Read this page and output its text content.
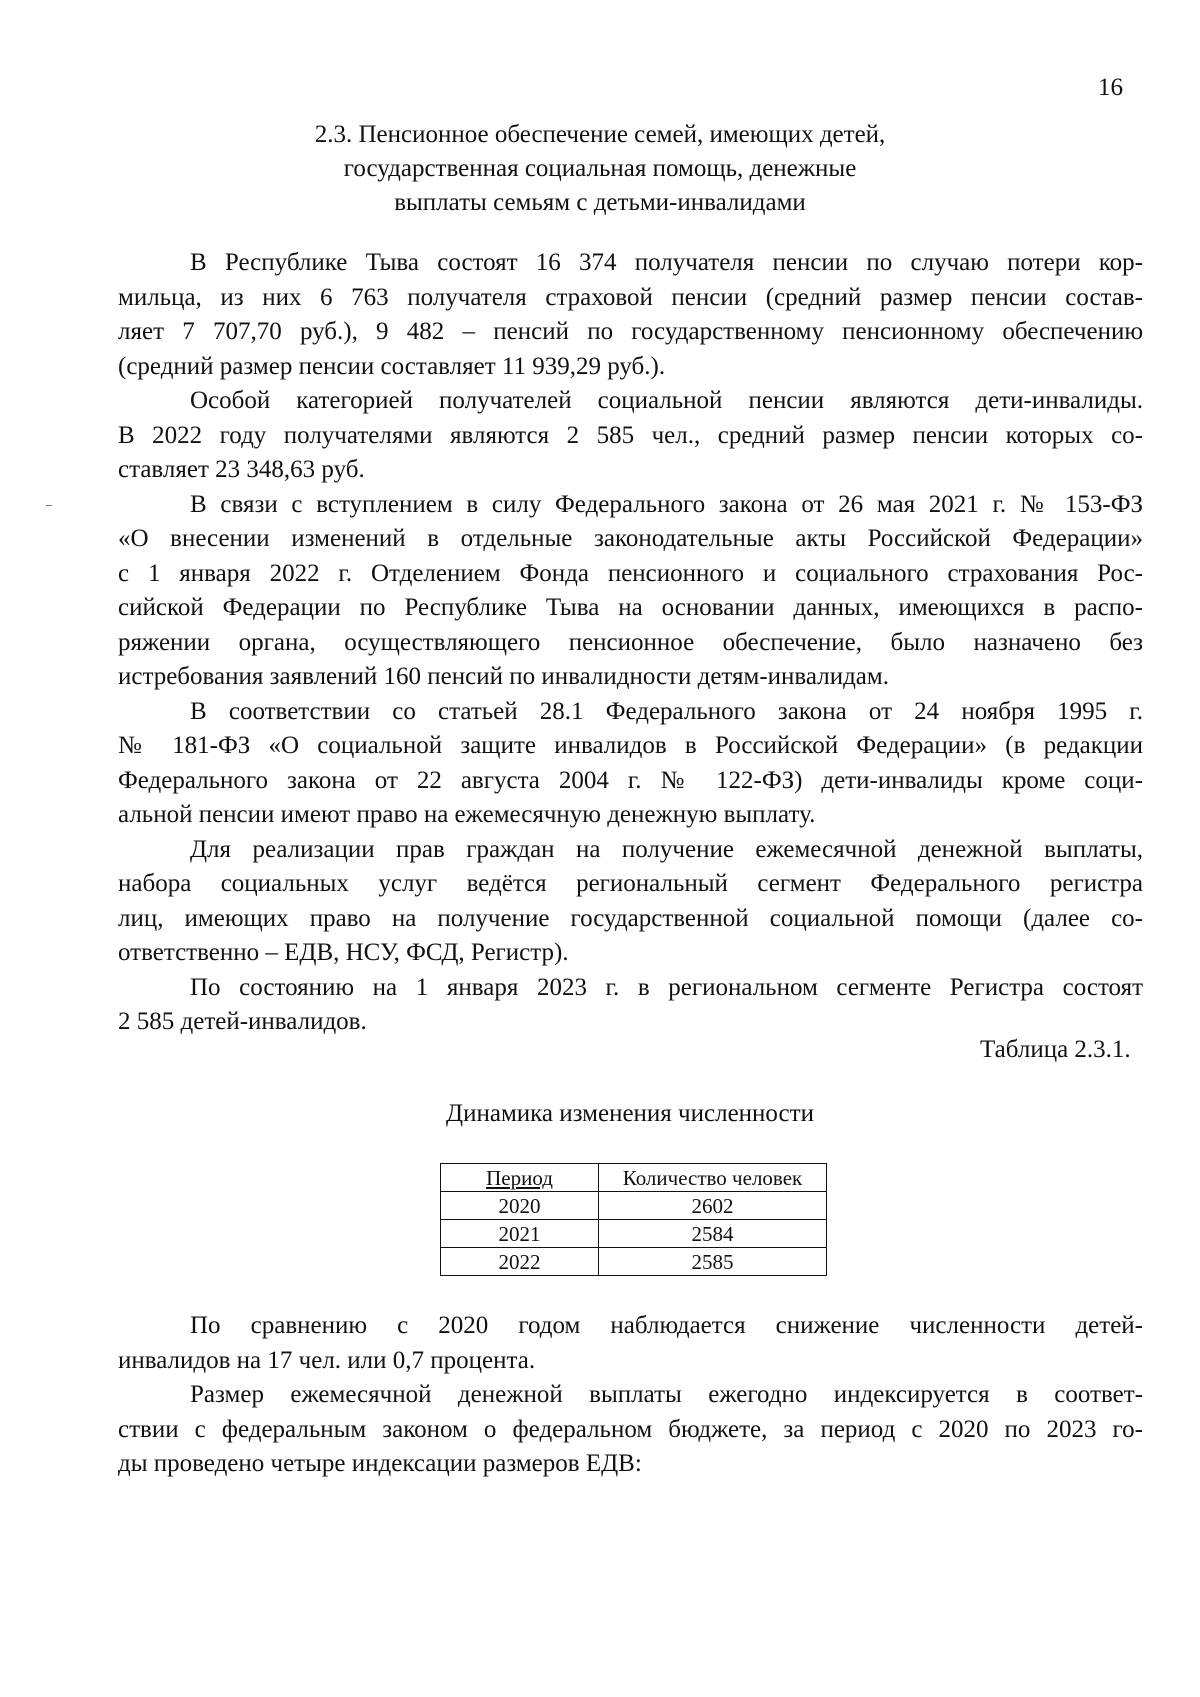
16
2.3. Пенсионное обеспечение семей, имеющих детей,
государственная социальная помощь, денежные
выплаты семьям с детьми-инвалидами

В Республике Тыва состоят 16 374 получателя пенсии по случаю потери кор-
мильца, из них 6 763 получателя страховой пенсии (средний размер пенсии состав-
ляет 7 707,70 руб.), 9 482 – пенсий по государственному пенсионному обеспечению
(средний размер пенсии составляет 11 939,29 руб.).

Особой категорией получателей социальной пенсии являются дети-инвалиды.
В 2022 году получателями являются 2 585 чел., средний размер пенсии которых со-
ставляет 23 348,63 руб.

В связи с вступлением в силу Федерального закона от 26 мая 2021 г. № 153-ФЗ
«О внесении изменений в отдельные законодательные акты Российской Федерации»
с 1 января 2022 г. Отделением Фонда пенсионного и социального страхования Рос-
сийской Федерации по Республике Тыва на основании данных, имеющихся в распо-
ряжении органа, осуществляющего пенсионное обеспечение, было назначено без
истребования заявлений 160 пенсий по инвалидности детям-инвалидам.

В соответствии со статьей 28.1 Федерального закона от 24 ноября 1995 г.
№ 181-ФЗ «О социальной защите инвалидов в Российской Федерации» (в редакции
Федерального закона от 22 августа 2004 г. № 122-ФЗ) дети-инвалиды кроме соци-
альной пенсии имеют право на ежемесячную денежную выплату.

Для реализации прав граждан на получение ежемесячной денежной выплаты,
набора социальных услуг ведётся региональный сегмент Федерального регистра
лиц, имеющих право на получение государственной социальной помощи (далее со-
ответственно – ЕДВ, НСУ, ФСД, Регистр).

По состоянию на 1 января 2023 г. в региональном сегменте Регистра состоят
2 585 детей-инвалидов.

Таблица 2.3.1.
Динамика изменения численности
Период	Количество человек
2020	2602
2021	2584
2022	2585

По сравнению с 2020 годом наблюдается снижение численности детей-
инвалидов на 17 чел. или 0,7 процента.

Размер ежемесячной денежной выплаты ежегодно индексируется в соответ-
ствии с федеральным законом о федеральном бюджете, за период с 2020 по 2023 го-
ды проведено четыре индексации размеров ЕДВ:
